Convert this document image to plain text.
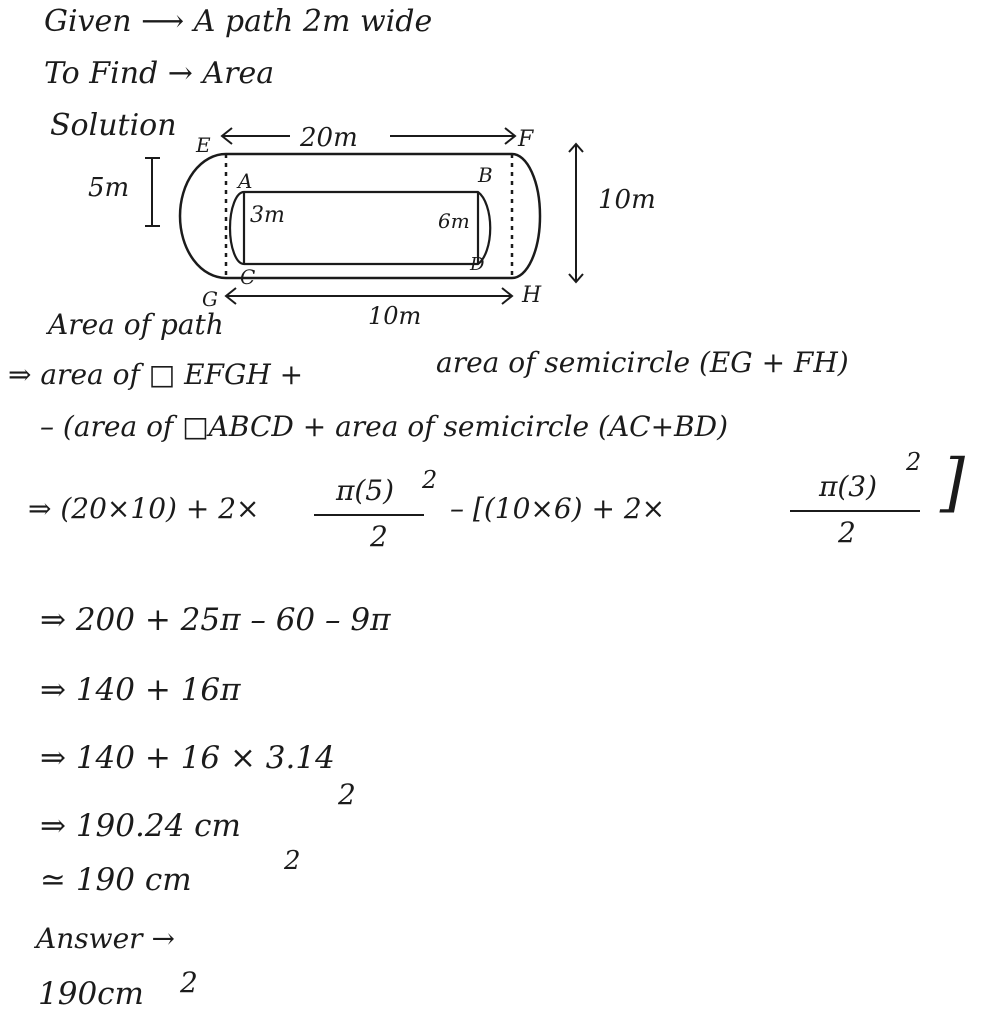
Given ⟶ A path 2m wide
To Find → Area
Solution
E	F
20m
5m	A	B
C
D
3m	6m
10m
G	H
10m
Area of path
⇒ area of □ EFGH +	area of semicircle (EG + FH)
– (area of □ABCD + area of semicircle (AC+BD)
⇒ (20×10) + 2×
π(5)	2
2
– [(10×6) + 2×
π(3)
2
2
]
⇒ 200 + 25π – 60 – 9π
⇒ 140 + 16π
⇒ 140 + 16 × 3.14
⇒ 190.24 cm
2
≃ 190 cm
2
Answer →
190cm 2
